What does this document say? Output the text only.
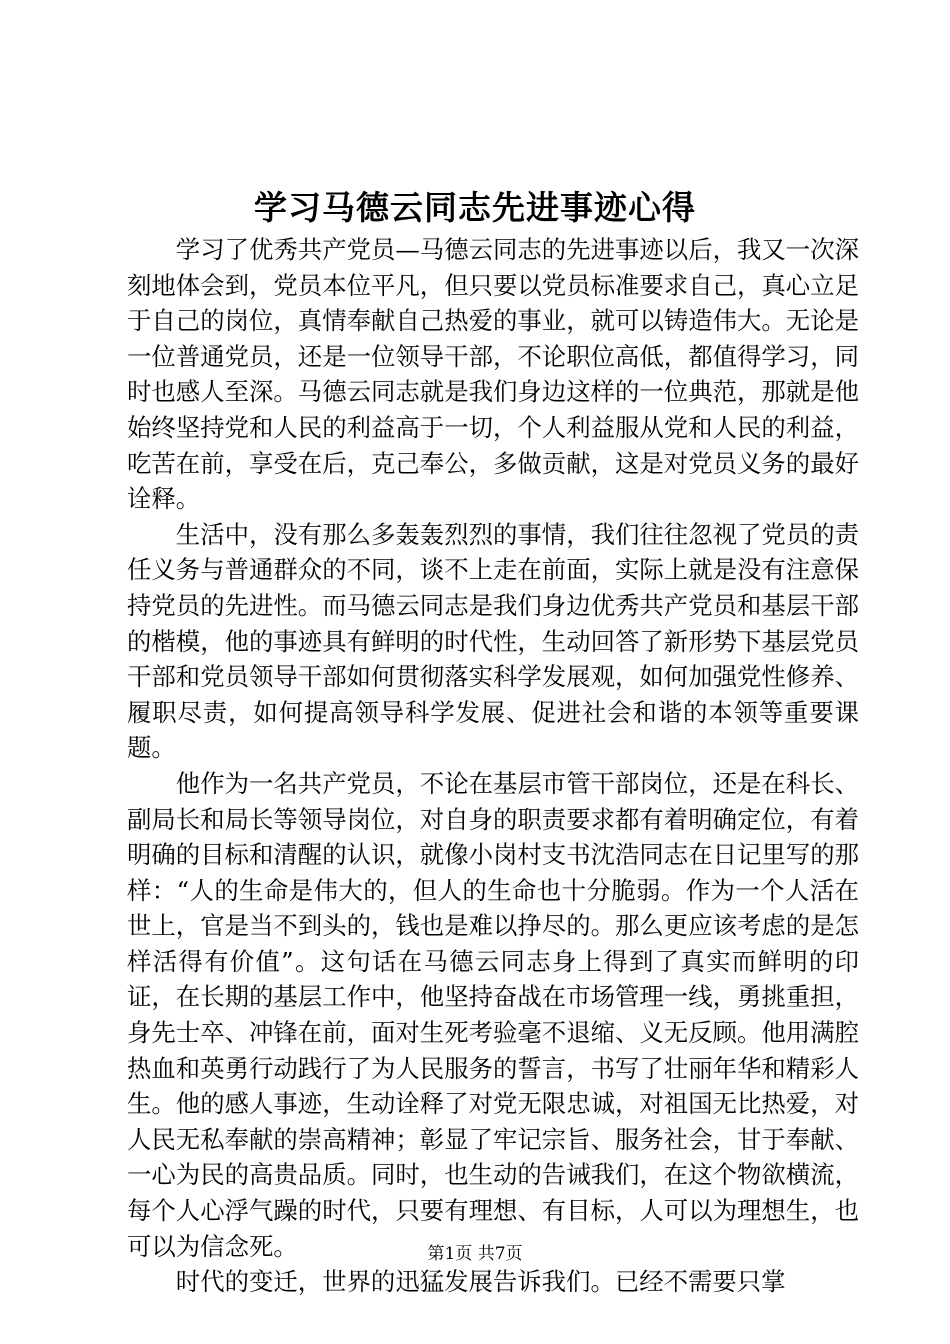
学习马德云同志先进事迹心得

学习了优秀共产党员—马德云同志的先进事迹以后，我又一次深刻地体会到，党员本位平凡，但只要以党员标准要求自己，真心立足于自己的岗位，真情奉献自己热爱的事业，就可以铸造伟大。无论是一位普通党员，还是一位领导干部，不论职位高低，都值得学习，同时也感人至深。马德云同志就是我们身边这样的一位典范，那就是他始终坚持党和人民的利益高于一切，个人利益服从党和人民的利益，吃苦在前，享受在后，克己奉公，多做贡献，这是对党员义务的最好诠释。

生活中，没有那么多轰轰烈烈的事情，我们往往忽视了党员的责任义务与普通群众的不同，谈不上走在前面，实际上就是没有注意保持党员的先进性。而马德云同志是我们身边优秀共产党员和基层干部的楷模，他的事迹具有鲜明的时代性，生动回答了新形势下基层党员干部和党员领导干部如何贯彻落实科学发展观，如何加强党性修养、履职尽责，如何提高领导科学发展、促进社会和谐的本领等重要课题。

他作为一名共产党员，不论在基层市管干部岗位，还是在科长、副局长和局长等领导岗位，对自身的职责要求都有着明确定位，有着明确的目标和清醒的认识，就像小岗村支书沈浩同志在日记里写的那样：“人的生命是伟大的，但人的生命也十分脆弱。作为一个人活在世上，官是当不到头的，钱也是难以挣尽的。那么更应该考虑的是怎样活得有价值”。这句话在马德云同志身上得到了真实而鲜明的印证，在长期的基层工作中，他坚持奋战在市场管理一线，勇挑重担，身先士卒、冲锋在前，面对生死考验毫不退缩、义无反顾。他用满腔热血和英勇行动践行了为人民服务的誓言，书写了壮丽年华和精彩人生。他的感人事迹，生动诠释了对党无限忠诚，对祖国无比热爱，对人民无私奉献的崇高精神；彰显了牢记宗旨、服务社会，甘于奉献、一心为民的高贵品质。同时，也生动的告诫我们，在这个物欲横流，每个人心浮气躁的时代，只要有理想、有目标，人可以为理想生，也可以为信念死。

时代的变迁，世界的迅猛发展告诉我们。已经不需要只掌

第1页 共7页
